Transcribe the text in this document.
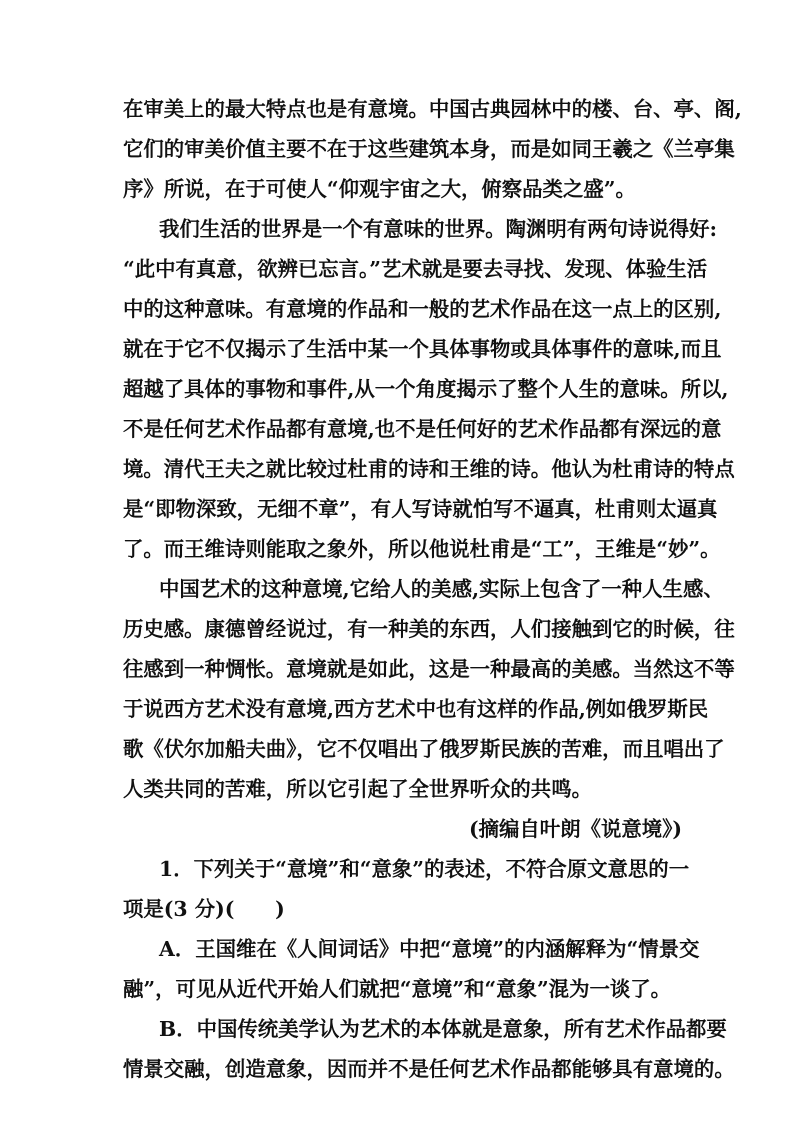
在审美上的最大特点也是有意境。中国古典园林中的楼、台、亭、阁,
它们的审美价值主要不在于这些建筑本身，而是如同王羲之《兰亭集
序》所说，在于可使人“仰观宇宙之大，俯察品类之盛”。
我们生活的世界是一个有意味的世界。陶渊明有两句诗说得好:
“此中有真意，欲辨已忘言。”艺术就是要去寻找、发现、体验生活
中的这种意味。有意境的作品和一般的艺术作品在这一点上的区别,
就在于它不仅揭示了生活中某一个具体事物或具体事件的意味,而且
超越了具体的事物和事件,从一个角度揭示了整个人生的意味。所以,
不是任何艺术作品都有意境,也不是任何好的艺术作品都有深远的意
境。清代王夫之就比较过杜甫的诗和王维的诗。他认为杜甫诗的特点
是“即物深致，无细不章”，有人写诗就怕写不逼真，杜甫则太逼真
了。而王维诗则能取之象外，所以他说杜甫是“工”，王维是“妙”。
中国艺术的这种意境,它给人的美感,实际上包含了一种人生感、
历史感。康德曾经说过，有一种美的东西，人们接触到它的时候，往
往感到一种惆怅。意境就是如此，这是一种最高的美感。当然这不等
于说西方艺术没有意境,西方艺术中也有这样的作品,例如俄罗斯民
歌《伏尔加船夫曲》，它不仅唱出了俄罗斯民族的苦难，而且唱出了
人类共同的苦难，所以它引起了全世界听众的共鸣。
(摘编自叶朗《说意境》)
1．下列关于“意境”和“意象”的表述，不符合原文意思的一
项是(3 分)(　　)
A．王国维在《人间词话》中把“意境”的内涵解释为“情景交
融”，可见从近代开始人们就把“意境”和“意象”混为一谈了。
B．中国传统美学认为艺术的本体就是意象，所有艺术作品都要
情景交融，创造意象，因而并不是任何艺术作品都能够具有意境的。
